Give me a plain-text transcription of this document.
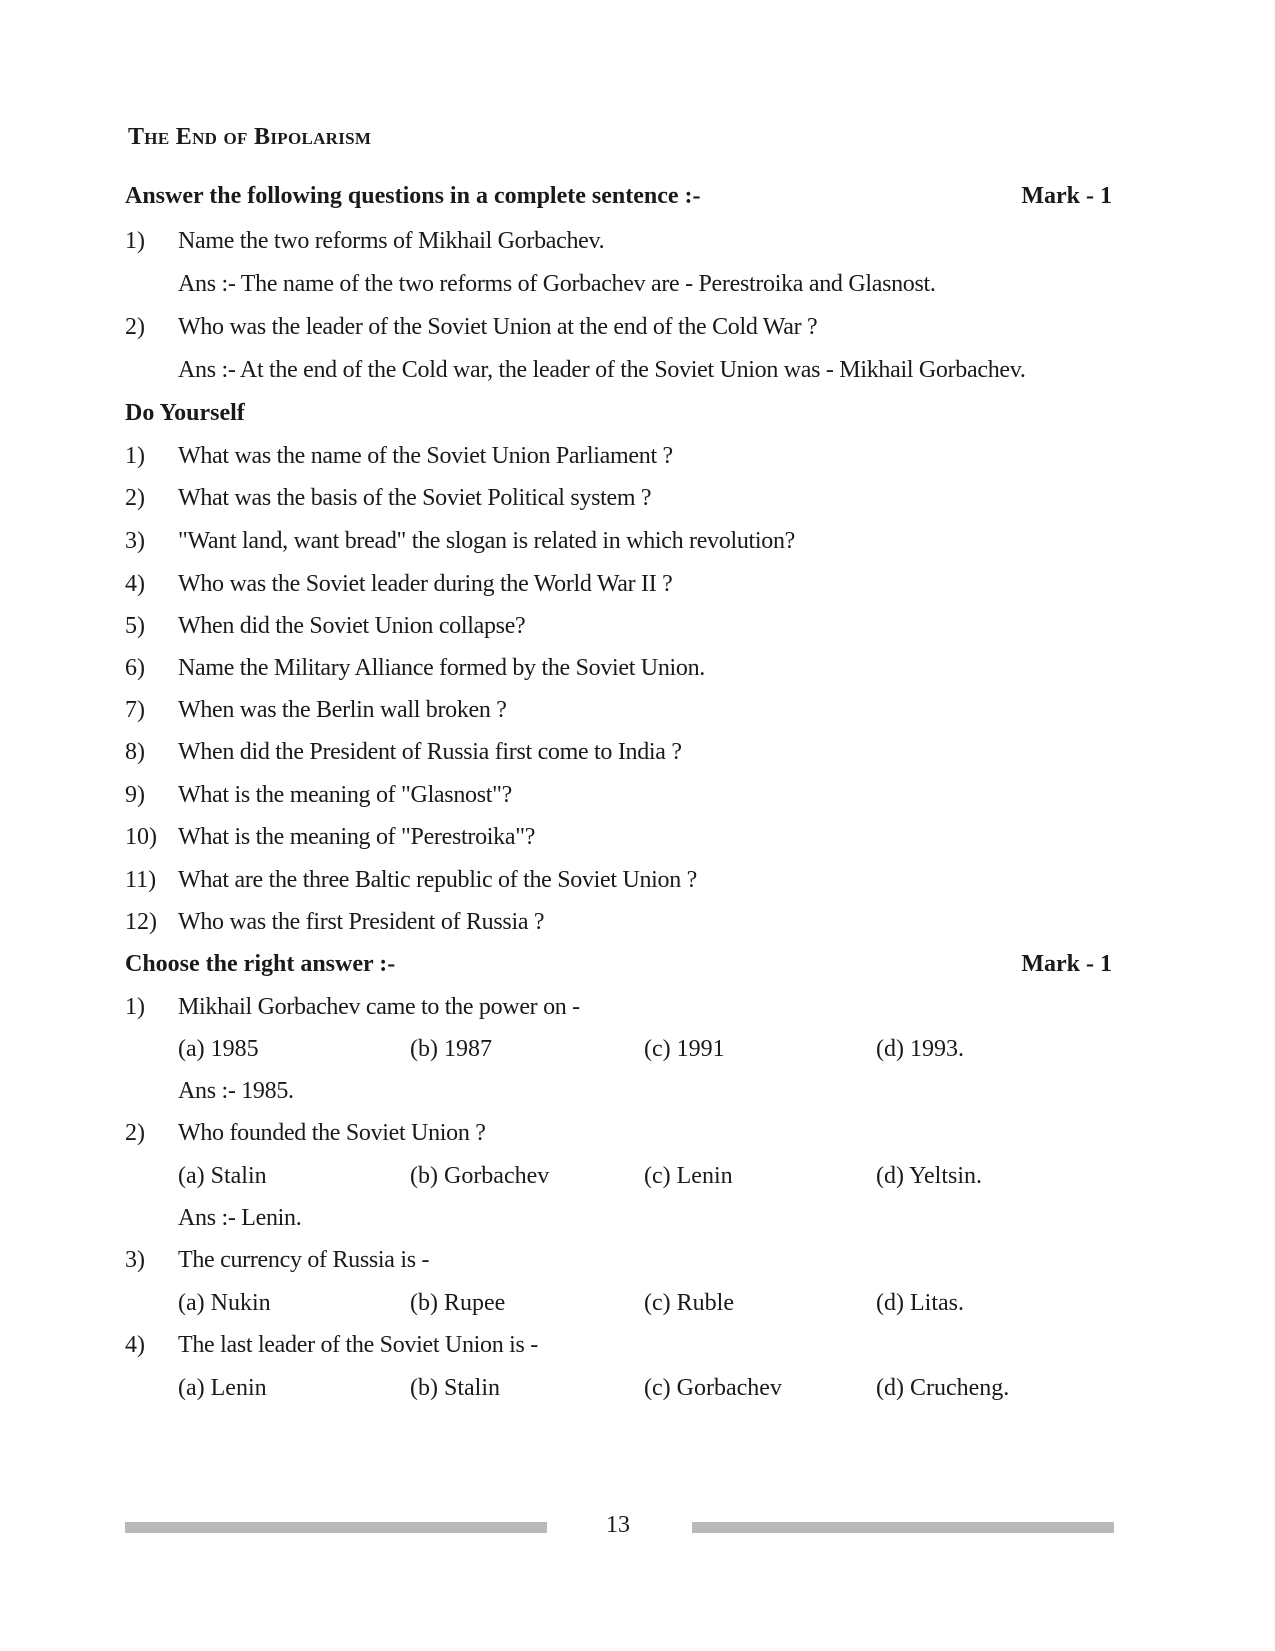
The End of Bipolarism
Answer the following questions in a complete sentence :-	Mark - 1
1) Name the two reforms of Mikhail Gorbachev.
Ans :- The name of the two reforms of Gorbachev are - Perestroika and Glasnost.
2) Who was the leader of the Soviet Union at the end of the Cold War ?
Ans :- At the end of the Cold war, the leader of the Soviet Union was - Mikhail Gorbachev.
Do Yourself
1) What was the name of the Soviet Union Parliament ?
2) What was the basis of the Soviet Political system ?
3) "Want land, want bread" the slogan is related in which revolution?
4) Who was the Soviet leader during the World War II ?
5) When did the Soviet Union collapse?
6) Name the Military Alliance formed by the Soviet Union.
7) When was the Berlin wall broken ?
8) When did the President of Russia first come to India ?
9) What is the meaning of "Glasnost"?
10) What is the meaning of "Perestroika"?
11) What are the three Baltic republic of the Soviet Union ?
12) Who was the first President of Russia ?
Choose the right answer :-	Mark - 1
1) Mikhail Gorbachev came to the power on -
(a) 1985	(b) 1987	(c) 1991	(d) 1993.
Ans :- 1985.
2) Who founded the Soviet Union ?
(a) Stalin	(b) Gorbachev	(c) Lenin	(d) Yeltsin.
Ans :- Lenin.
3) The currency of Russia is -
(a) Nukin	(b) Rupee	(c) Ruble	(d) Litas.
4) The last leader of the Soviet Union is -
(a) Lenin	(b) Stalin	(c) Gorbachev	(d) Crucheng.
13
